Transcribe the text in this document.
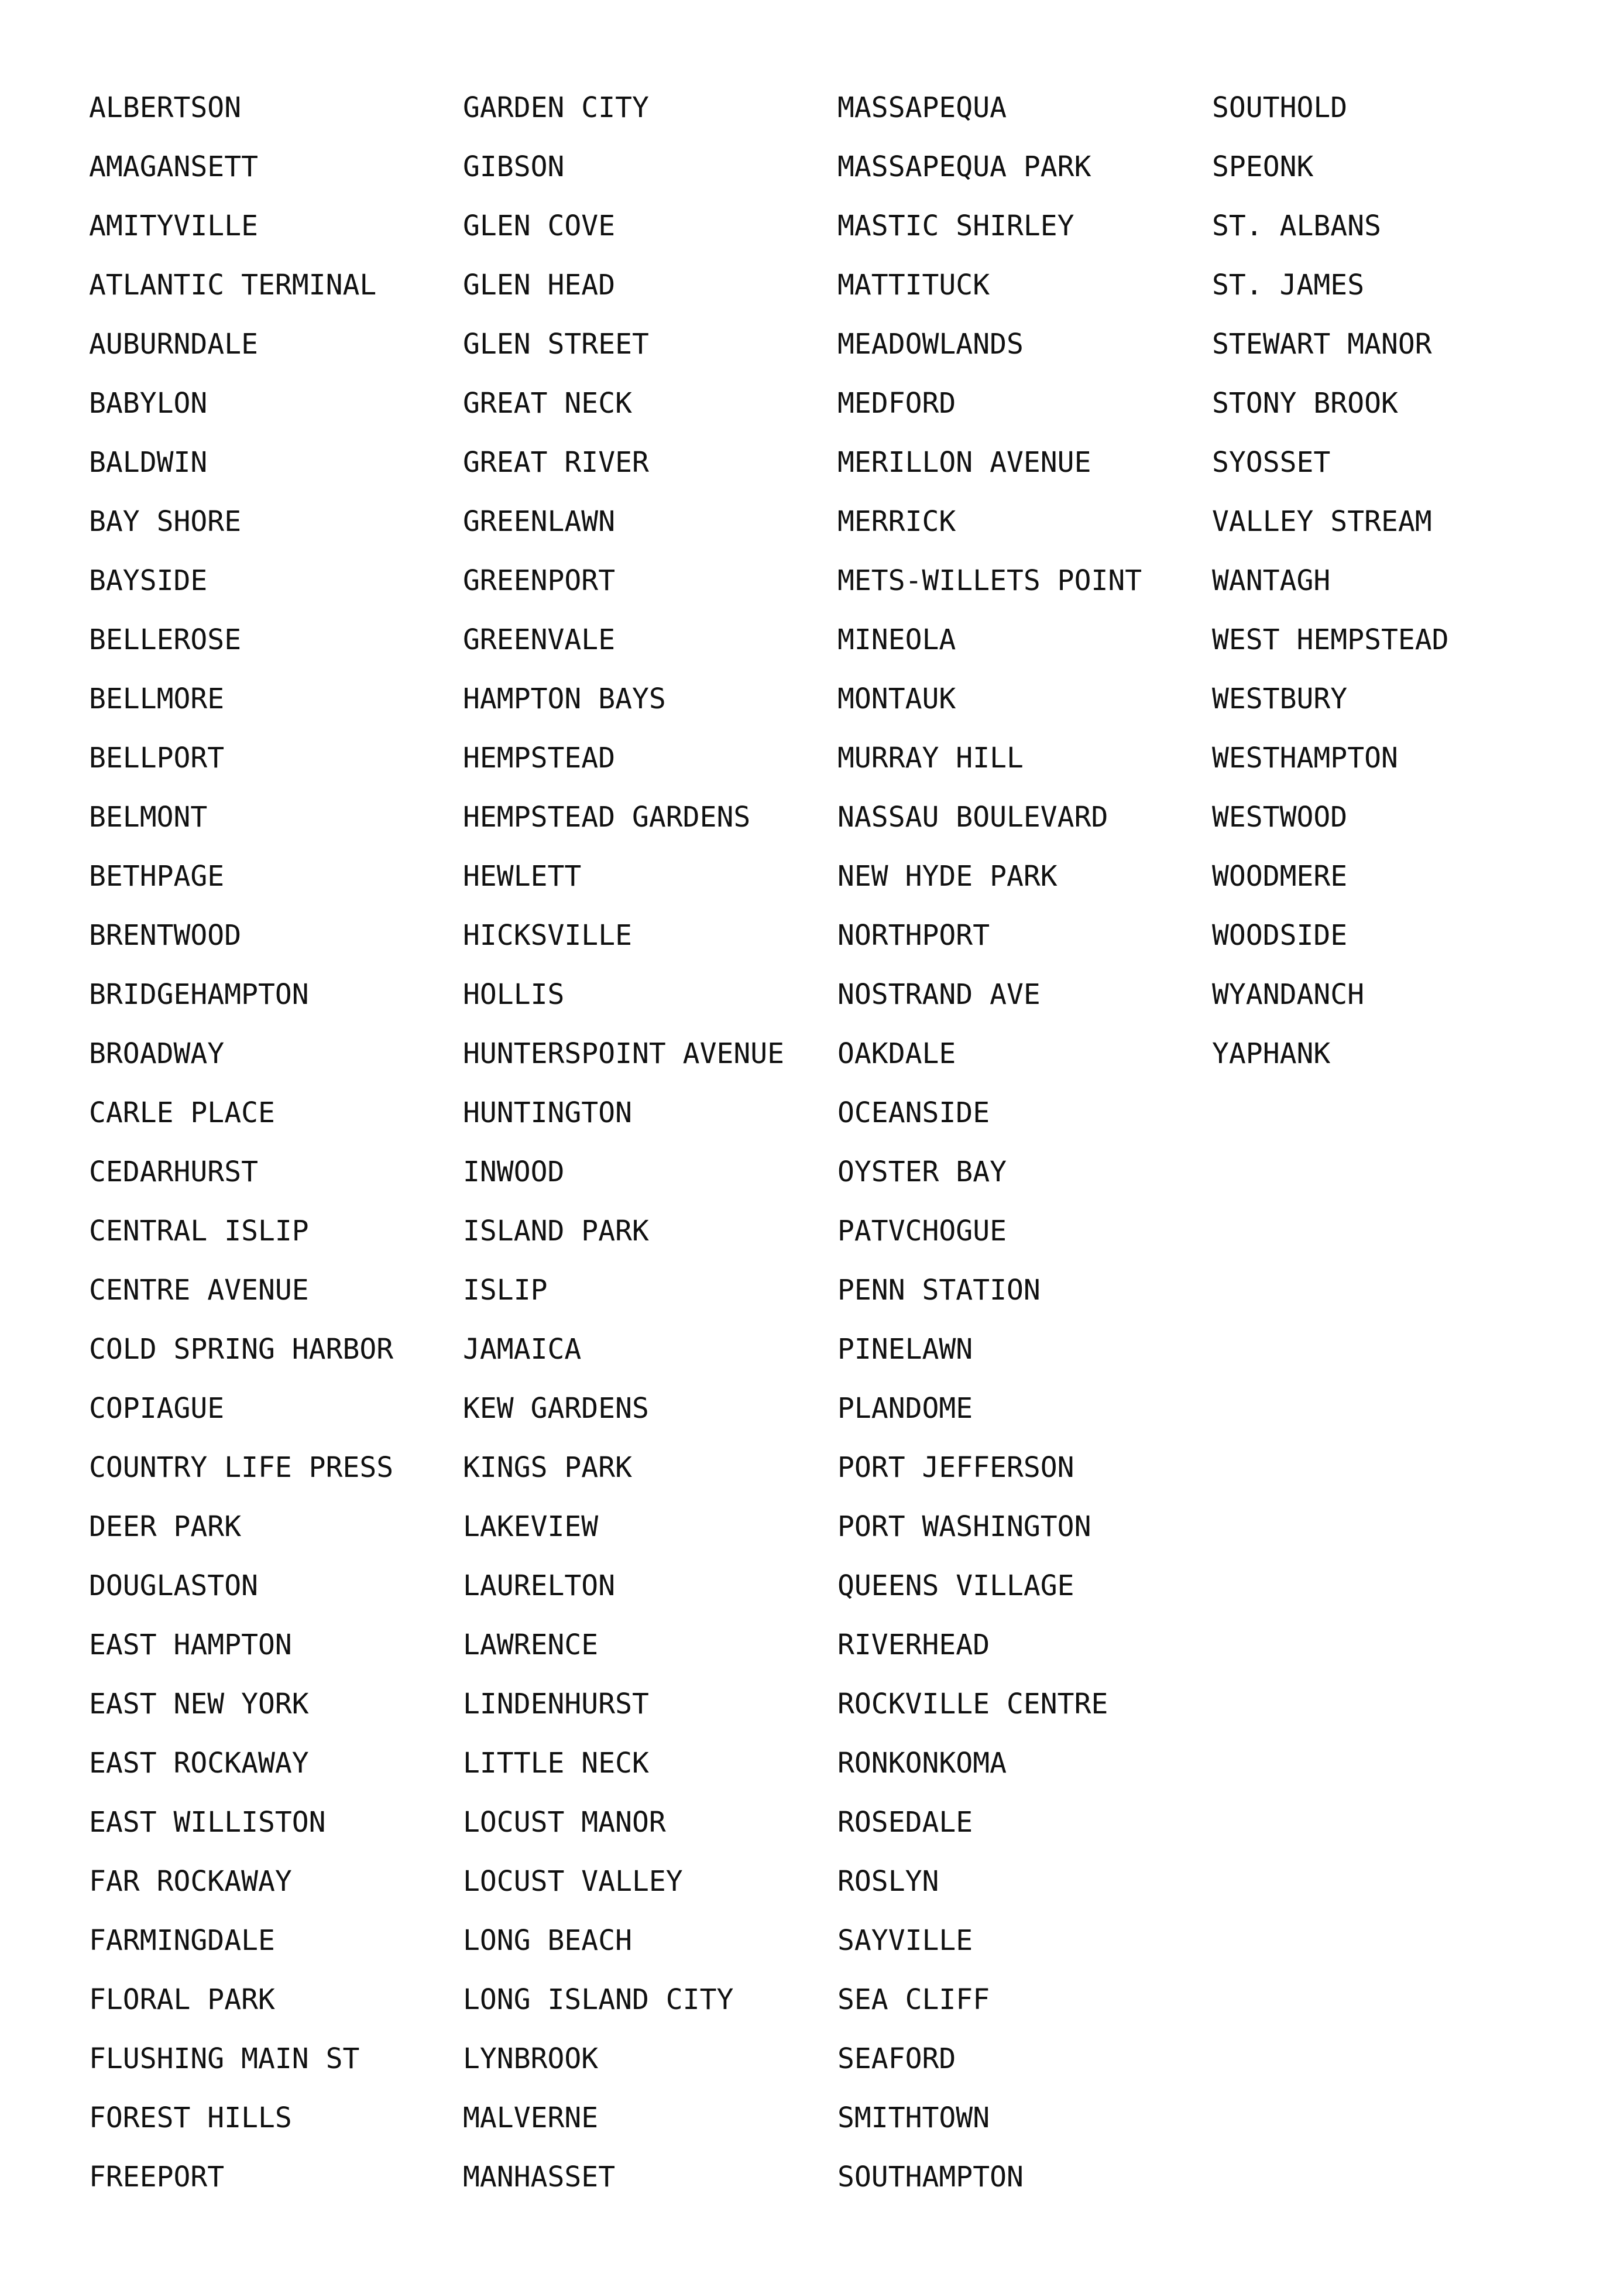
ALBERTSON
AMAGANSETT
AMITYVILLE
ATLANTIC TERMINAL
AUBURNDALE
BABYLON
BALDWIN
BAY SHORE
BAYSIDE
BELLEROSE
BELLMORE
BELLPORT
BELMONT
BETHPAGE
BRENTWOOD
BRIDGEHAMPTON
BROADWAY
CARLE PLACE
CEDARHURST
CENTRAL ISLIP
CENTRE AVENUE
COLD SPRING HARBOR
COPIAGUE
COUNTRY LIFE PRESS
DEER PARK
DOUGLASTON
EAST HAMPTON
EAST NEW YORK
EAST ROCKAWAY
EAST WILLISTON
FAR ROCKAWAY
FARMINGDALE
FLORAL PARK
FLUSHING MAIN ST
FOREST HILLS
FREEPORT
GARDEN CITY
GIBSON
GLEN COVE
GLEN HEAD
GLEN STREET
GREAT NECK
GREAT RIVER
GREENLAWN
GREENPORT
GREENVALE
HAMPTON BAYS
HEMPSTEAD
HEMPSTEAD GARDENS
HEWLETT
HICKSVILLE
HOLLIS
HUNTERSPOINT AVENUE
HUNTINGTON
INWOOD
ISLAND PARK
ISLIP
JAMAICA
KEW GARDENS
KINGS PARK
LAKEVIEW
LAURELTON
LAWRENCE
LINDENHURST
LITTLE NECK
LOCUST MANOR
LOCUST VALLEY
LONG BEACH
LONG ISLAND CITY
LYNBROOK
MALVERNE
MANHASSET
MASSAPEQUA
MASSAPEQUA PARK
MASTIC SHIRLEY
MATTITUCK
MEADOWLANDS
MEDFORD
MERILLON AVENUE
MERRICK
METS-WILLETS POINT
MINEOLA
MONTAUK
MURRAY HILL
NASSAU BOULEVARD
NEW HYDE PARK
NORTHPORT
NOSTRAND AVE
OAKDALE
OCEANSIDE
OYSTER BAY
PATVCHOGUE
PENN STATION
PINELAWN
PLANDOME
PORT JEFFERSON
PORT WASHINGTON
QUEENS VILLAGE
RIVERHEAD
ROCKVILLE CENTRE
RONKONKOMA
ROSEDALE
ROSLYN
SAYVILLE
SEA CLIFF
SEAFORD
SMITHTOWN
SOUTHAMPTON
SOUTHOLD
SPEONK
ST. ALBANS
ST. JAMES
STEWART MANOR
STONY BROOK
SYOSSET
VALLEY STREAM
WANTAGH
WEST HEMPSTEAD
WESTBURY
WESTHAMPTON
WESTWOOD
WOODMERE
WOODSIDE
WYANDANCH
YAPHANK
